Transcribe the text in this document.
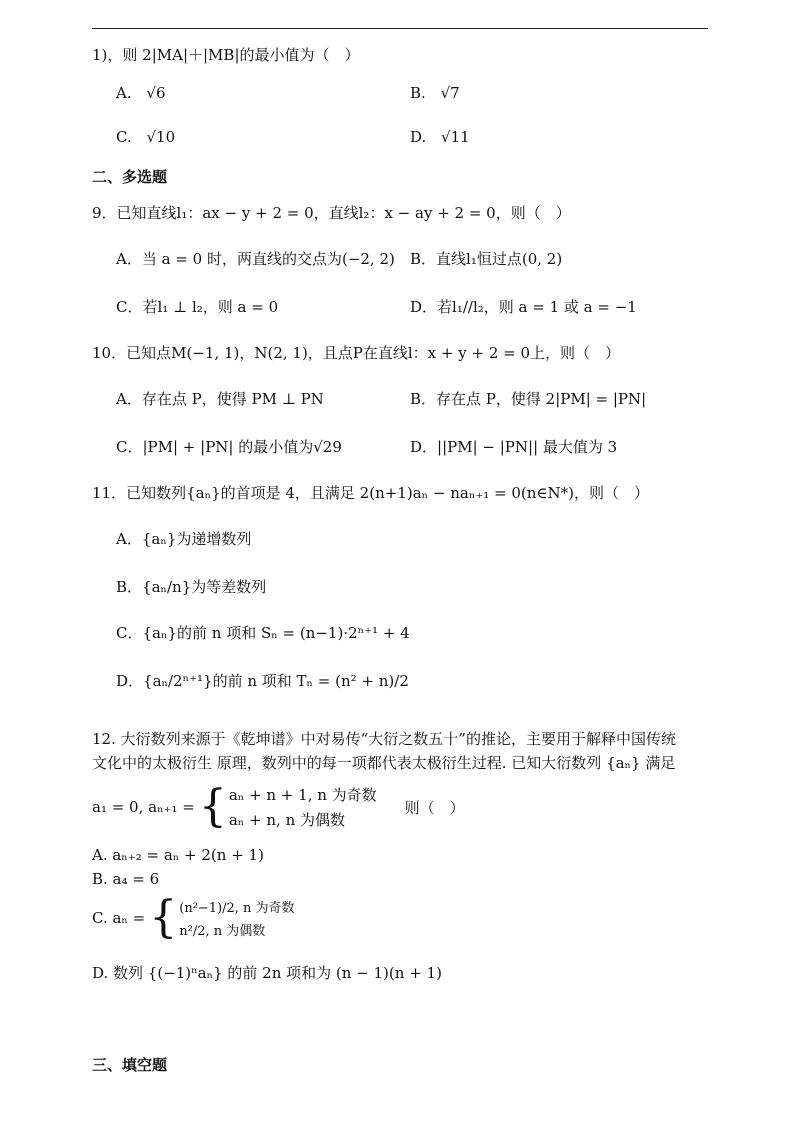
1)，则 2|MA|＋|MB|的最小值为（　）
A. √6	B. √7
C. √10	D. √11
二、多选题
9．已知直线l₁：ax − y + 2 = 0，直线l₂：x − ay + 2 = 0，则（　）
A．当 a = 0 时，两直线的交点为(−2, 2) B．直线l₁恒过点(0, 2)
C．若l₁ ⊥ l₂，则 a = 0	D．若l₁//l₂，则 a = 1 或 a = −1
10．已知点M(−1, 1)，N(2, 1)，且点P在直线l：x + y + 2 = 0上，则（　）
A．存在点 P，使得 PM ⊥ PN	B．存在点 P，使得 2|PM| = |PN|
C．|PM| + |PN| 的最小值为√29	D．||PM| − |PN|| 最大值为 3
11．已知数列{aₙ}的首项是 4，且满足 2(n+1)aₙ − naₙ₊₁ = 0(n∈N*)，则（　）
A．{aₙ}为递增数列
B．{aₙ/n}为等差数列
C．{aₙ}的前 n 项和 Sₙ = (n−1)·2ⁿ⁺¹ + 4
D．{aₙ/2ⁿ⁺¹}的前 n 项和 Tₙ = (n² + n)/2
12. 大衍数列来源于《乾坤谱》中对易传“大衍之数五十”的推论，主要用于解释中国传统
文化中的太极衍生 原理，数列中的每一项都代表太极衍生过程. 已知大衍数列 {aₙ} 满足
a₁ = 0, aₙ₊₁ = { aₙ + n + 1, n 为奇数
aₙ + n, n 为偶数
则（　）
A. aₙ₊₂ = aₙ + 2(n + 1)
B. a₄ = 6
C. aₙ = { (n²−1)/2, n 为奇数
n²/2, n 为偶数
D. 数列 {(−1)ⁿaₙ} 的前 2n 项和为 (n − 1)(n + 1)
三、填空题
